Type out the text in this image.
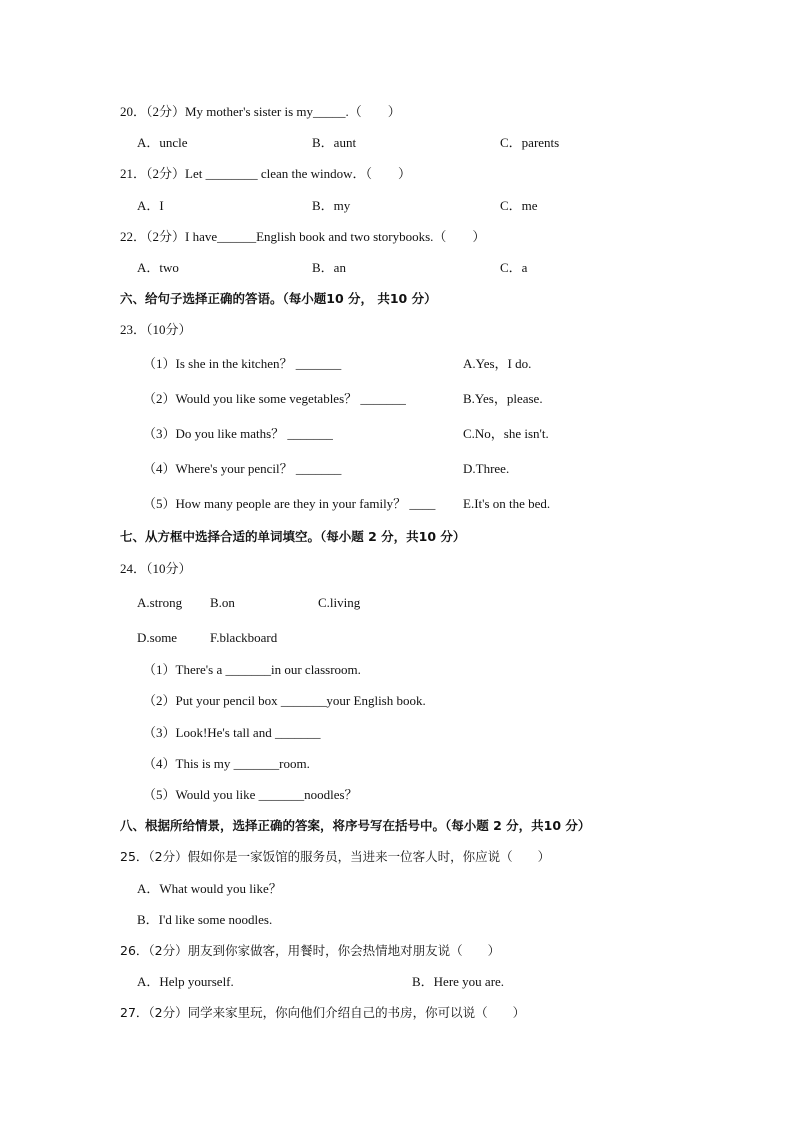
20．（2分）My mother's sister is my_____.（　　）
A．uncle	B．aunt	C．parents
21．（2分）Let ________ clean the window．（　　）
A．I	B．my	C．me
22．（2分）I have______English book and two storybooks.（　　）
A．two	B．an	C．a
六、给句子选择正确的答语。（每小题10 分， 共10 分）
23．（10分）
（1）Is she in the kitchen？ _______	A.Yes，I do.
（2）Would you like some vegetables？ _______	B.Yes，please.
（3）Do you like maths？ _______	C.No，she isn't.
（4）Where's your pencil？ _______	D.Three.
（5）How many people are they in your family？ ____ E.It's on the bed.
七、从方框中选择合适的单词填空。（每小题 2 分，共10 分）
24．（10分）
A.strong B.on	C.living
D.some	F.blackboard
（1）There's a _______in our classroom.
（2）Put your pencil box _______your English book.
（3）Look!He's tall and _______
（4）This is my _______room.
（5）Would you like _______noodles？
八、根据所给情景，选择正确的答案，将序号写在括号中。（每小题 2 分，共10 分）
25．（2分）假如你是一家饭馆的服务员，当进来一位客人时，你应说（　　）
A．What would you like？
B．I'd like some noodles.
26．（2分）朋友到你家做客，用餐时，你会热情地对朋友说（　　）
A．Help yourself.	B．Here you are.
27．（2分）同学来家里玩，你向他们介绍自己的书房，你可以说（　　）
